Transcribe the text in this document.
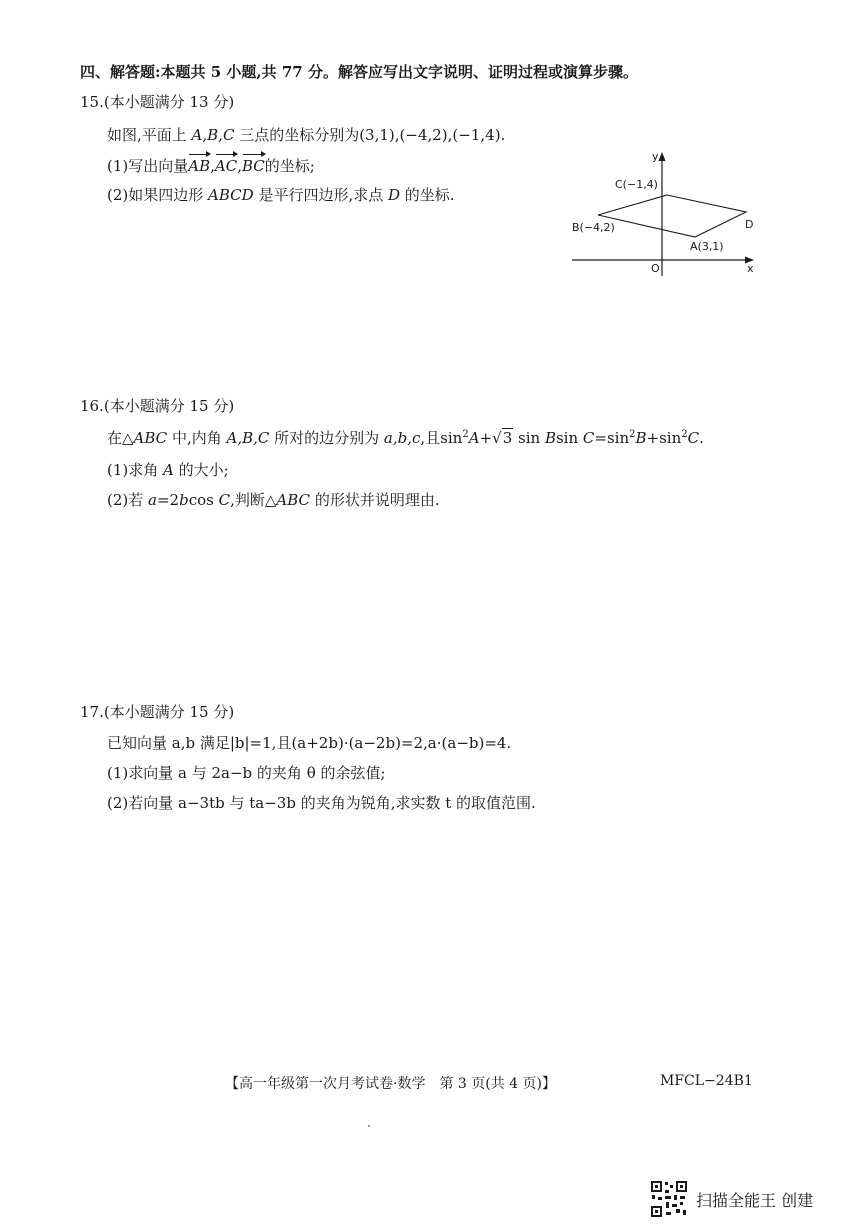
四、解答题:本题共 5 小题,共 77 分。解答应写出文字说明、证明过程或演算步骤。
15.(本小题满分 13 分)
如图,平面上 A,B,C 三点的坐标分别为(3,1),(−4,2),(−1,4).
(1)写出向量AB,AC,BC的坐标;
(2)如果四边形 ABCD 是平行四边形,求点 D 的坐标.
C(−1,4)
B(−4,2)
A(3,1)
D
O	x
y
16.(本小题满分 15 分)
在△ABC 中,内角 A,B,C 所对的边分别为 a,b,c,且$\sin^2A+√3$ sin Bsin $C=\sin^2B+\sin^2C$.
(1)求角 A 的大小;
(2)若 a=2bcos C,判断△ABC 的形状并说明理由.
17.(本小题满分 15 分)
已知向量 a,b 满足|b|=1,且(a+2b)·(a−2b)=2,a·(a−b)=4.
(1)求向量 a 与 2a−b 的夹角 θ 的余弦值;
(2)若向量 a−3tb 与 ta−3b 的夹角为锐角,求实数 t 的取值范围.
【高一年级第一次月考试卷·数学　第 3 页(共 4 页)】	MFCL−24B1
扫描全能王 创建
